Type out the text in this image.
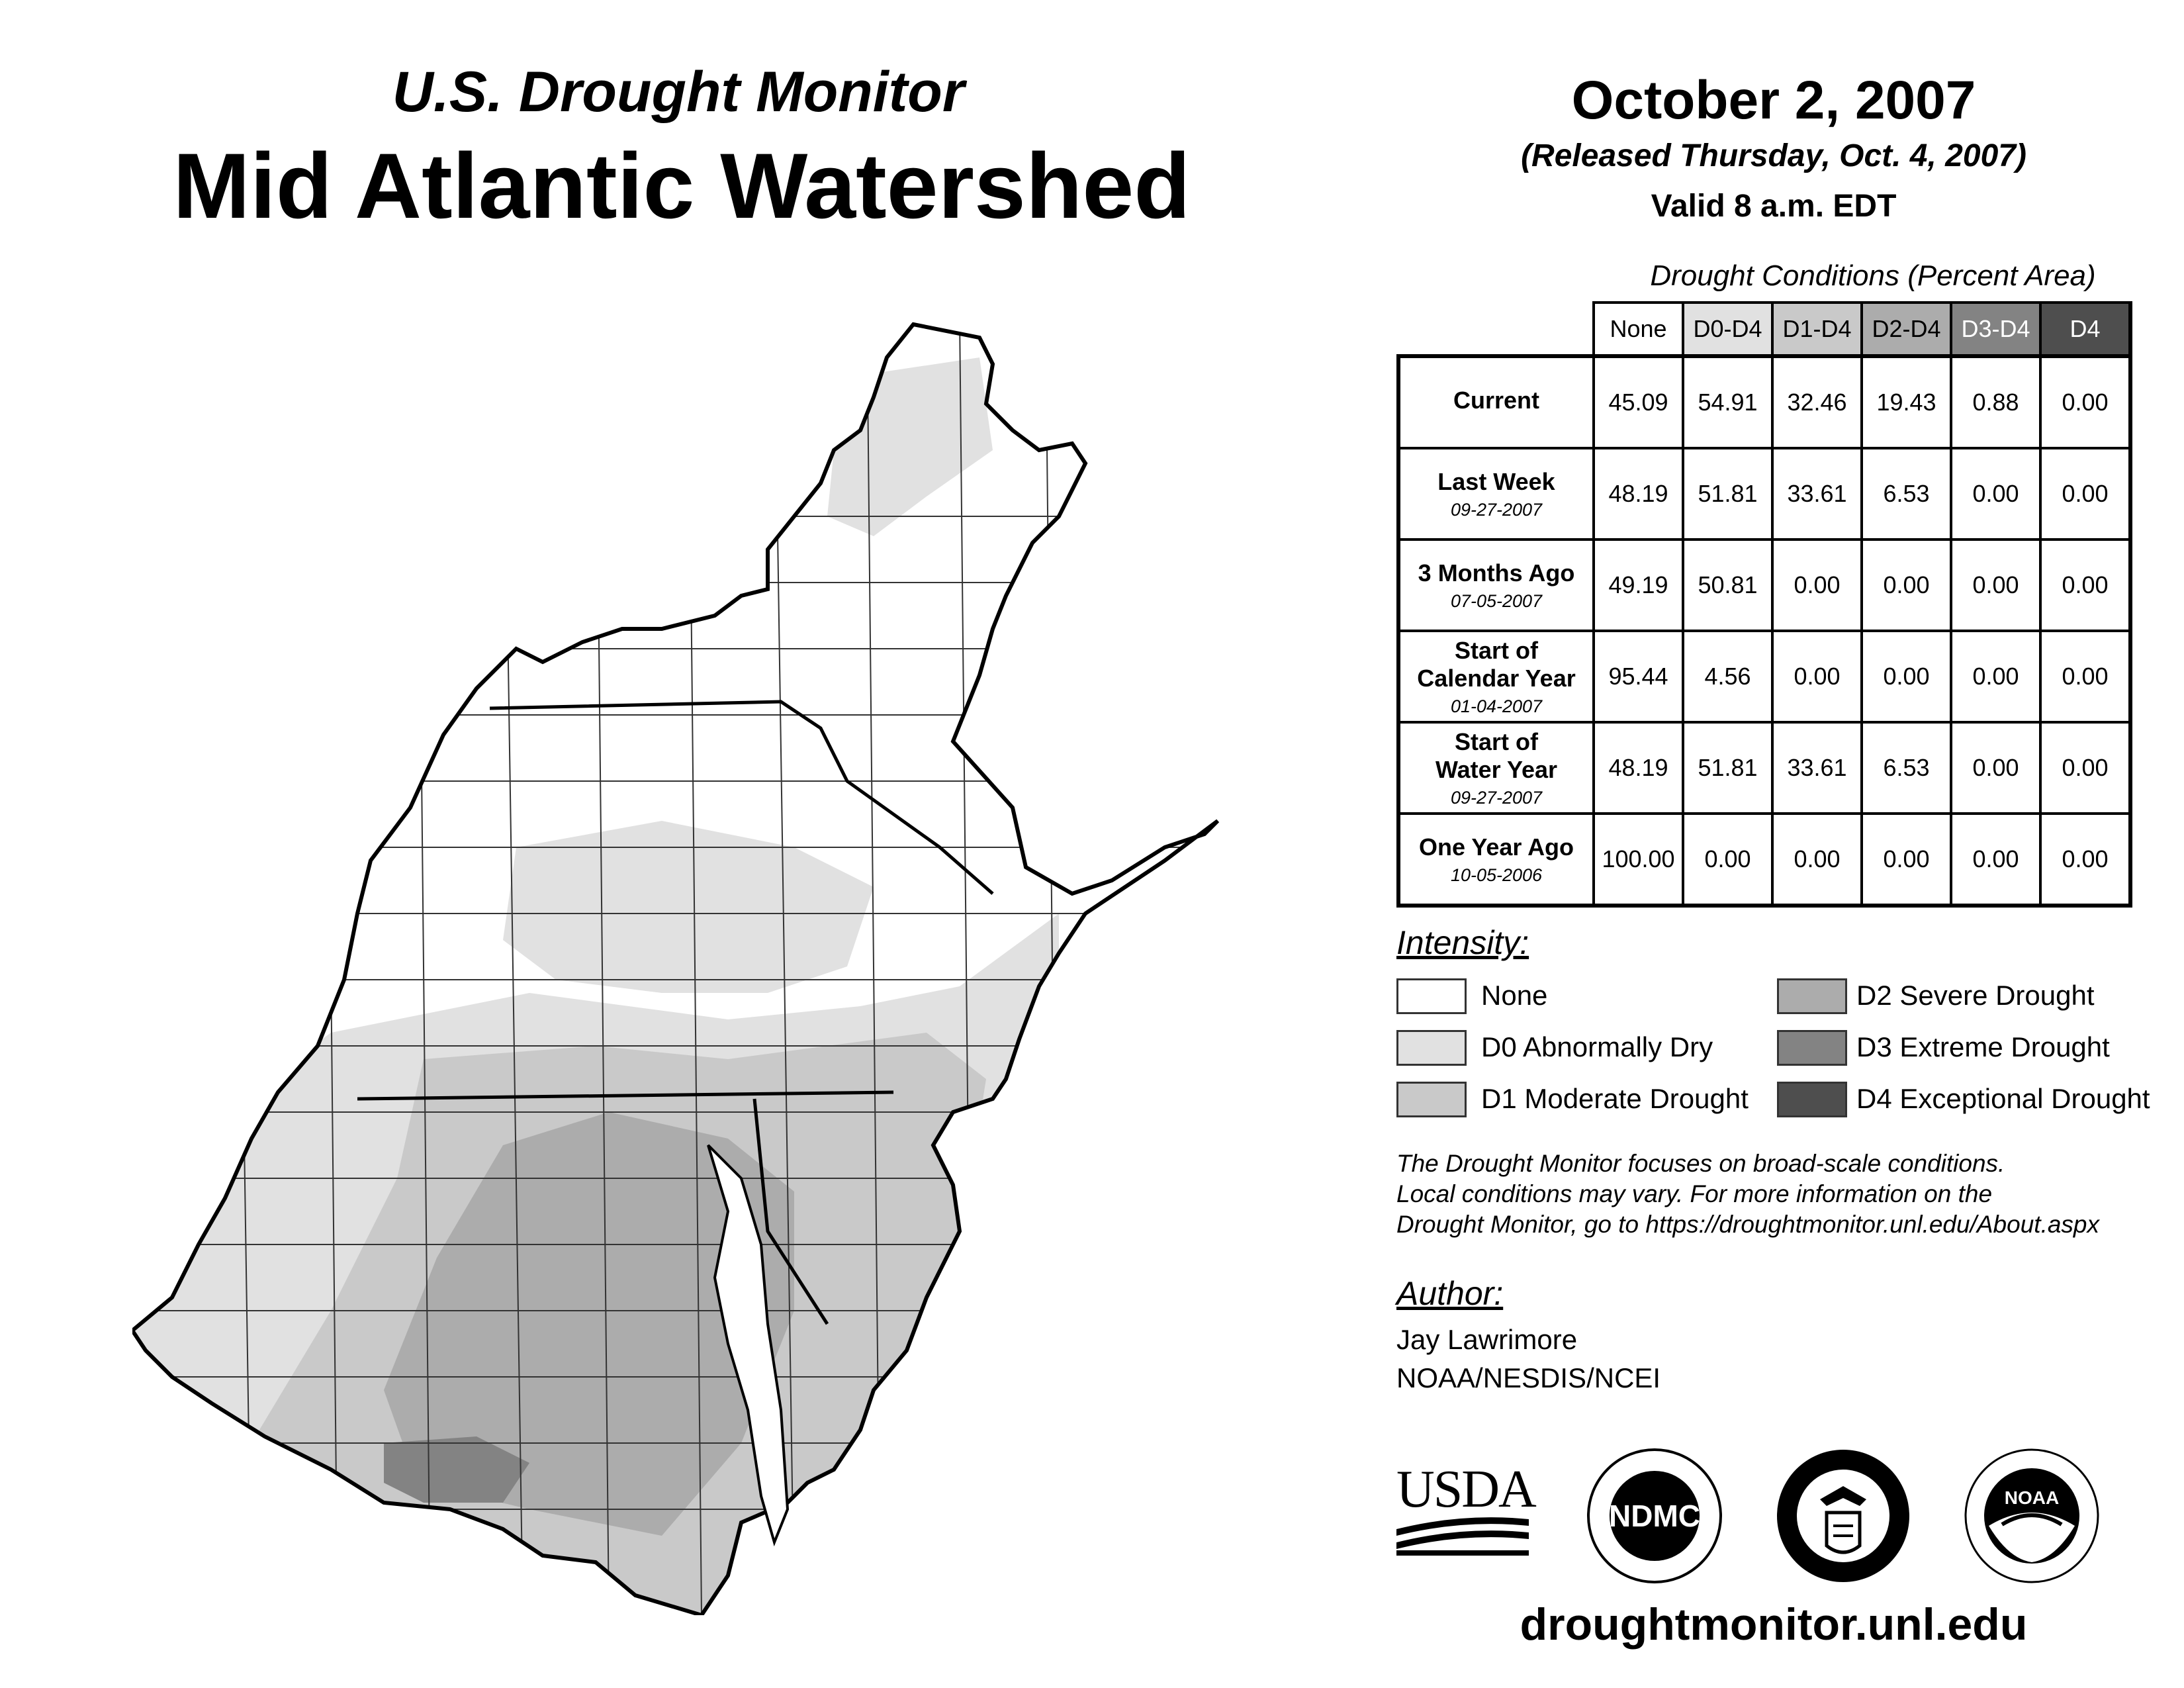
U.S. Drought Monitor
Mid Atlantic Watershed
October 2, 2007
(Released Thursday, Oct. 4, 2007)
Valid 8 a.m. EDT
Drought Conditions (Percent Area)
	None	D0-D4	D1-D4	D2-D4	D3-D4	D4

Current	45.09	54.91	32.46	19.43	0.88	0.00

Last Week
09-27-2007	48.19	51.81	33.61	6.53	0.00	0.00

3 Months Ago
07-05-2007	49.19	50.81	0.00	0.00	0.00	0.00

Start of
Calendar Year
01-04-2007	95.44	4.56	0.00	0.00	0.00	0.00

Start of
Water Year
09-27-2007	48.19	51.81	33.61	6.53	0.00	0.00

One Year Ago
10-05-2006	100.00	0.00	0.00	0.00	0.00	0.00
Intensity:
None
D0 Abnormally Dry
D1 Moderate Drought
D2 Severe Drought
D3 Extreme Drought
D4 Exceptional Drought
The Drought Monitor focuses on broad-scale conditions.
Local conditions may vary. For more information on the
Drought Monitor, go to https://droughtmonitor.unl.edu/About.aspx
Author:
Jay Lawrimore
NOAA/NESDIS/NCEI
USDA	NDMC
NOAA
droughtmonitor.unl.edu
